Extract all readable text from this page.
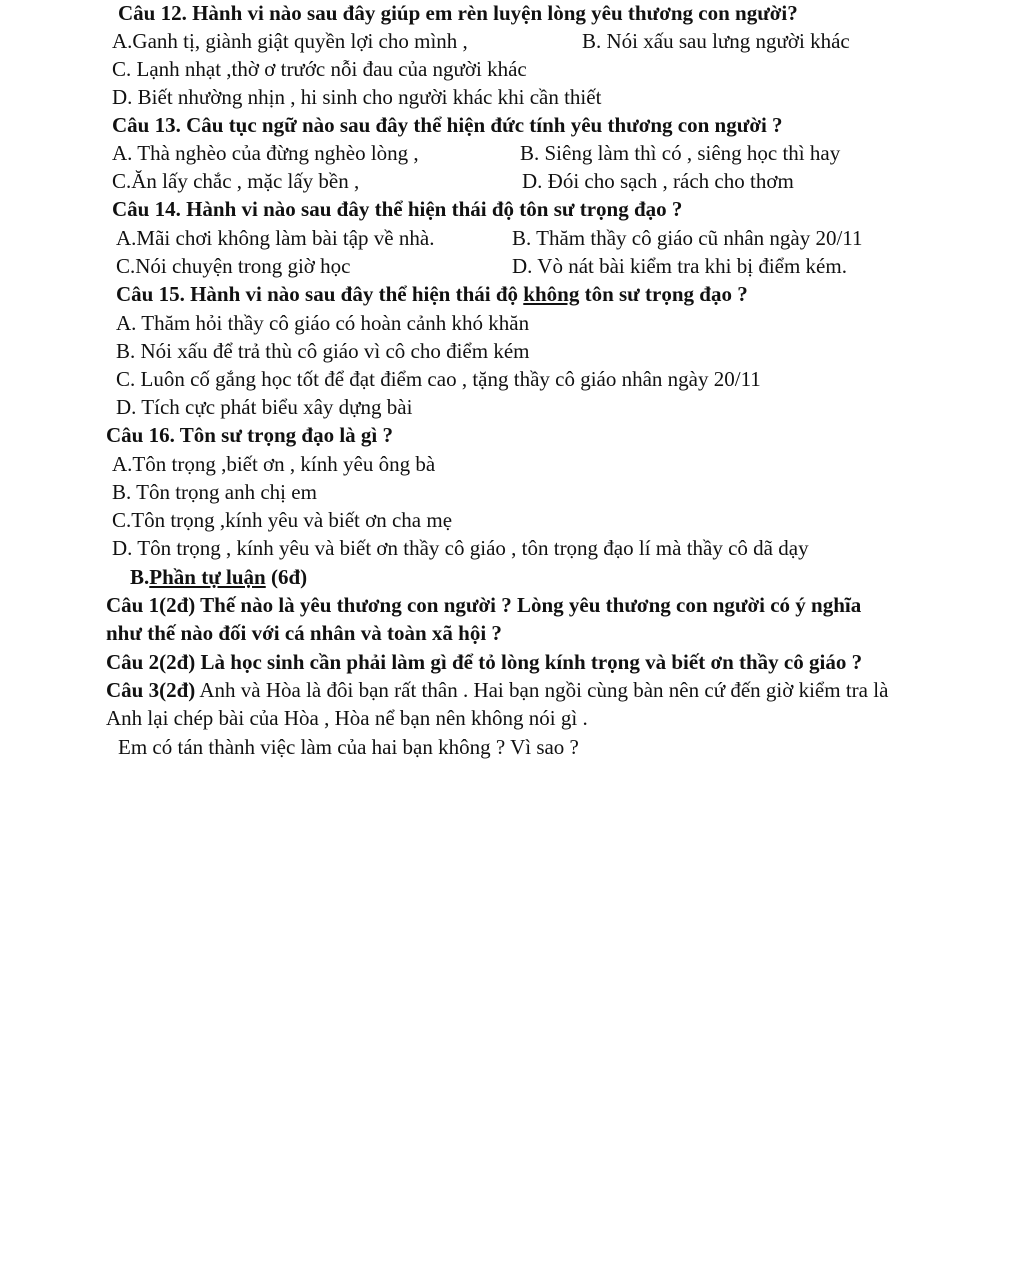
Câu 12. Hành vi nào sau đây giúp em rèn luyện lòng yêu thương con người?
A.Ganh tị, giành giật quyền lợi cho mình ,	B. Nói xấu sau lưng người khác
C. Lạnh nhạt ,thờ ơ trước nỗi đau của người khác
D. Biết nhường nhịn , hi sinh cho người khác khi cần thiết
Câu 13. Câu tục ngữ nào sau đây thể hiện đức tính yêu thương con người ?
A. Thà nghèo của đừng nghèo lòng ,	B. Siêng làm thì có , siêng học thì hay
C.Ăn lấy chắc , mặc lấy bền ,	D. Đói cho sạch , rách cho thơm
Câu 14. Hành vi nào sau đây thể hiện thái độ tôn sư trọng đạo ?
A.Mãi chơi không làm bài tập về nhà.	B. Thăm thầy cô giáo cũ nhân ngày 20/11
C.Nói chuyện trong giờ học	D. Vò nát bài kiểm tra khi bị điểm kém.
Câu 15. Hành vi nào sau đây thể hiện thái độ không tôn sư trọng đạo ?
A. Thăm hỏi thầy cô giáo có hoàn cảnh khó khăn
B. Nói xấu để trả thù cô giáo vì cô cho điểm kém
C. Luôn cố gắng học tốt để đạt điểm cao , tặng thầy cô giáo nhân ngày 20/11
D. Tích cực phát biểu xây dựng bài
Câu 16. Tôn sư trọng đạo là gì ?
A.Tôn trọng ,biết ơn , kính yêu ông bà
B. Tôn trọng anh chị em
C.Tôn trọng ,kính yêu và biết ơn cha mẹ
D. Tôn trọng , kính yêu và biết ơn thầy cô giáo , tôn trọng đạo lí mà thầy cô dã dạy
B.Phần tự luận (6đ)
Câu 1(2đ) Thế nào là yêu thương con người ? Lòng yêu thương con người có ý nghĩa
như thế nào đối với cá nhân và toàn xã hội ?
Câu 2(2đ) Là học sinh cần phải làm gì để tỏ lòng kính trọng và biết ơn thầy cô giáo ?
Câu 3(2đ) Anh và Hòa là đôi bạn rất thân . Hai bạn ngồi cùng bàn nên cứ đến giờ kiểm tra là
Anh lại chép bài của Hòa , Hòa nể bạn nên không nói gì .
Em có tán thành việc làm của hai bạn không ? Vì sao ?
